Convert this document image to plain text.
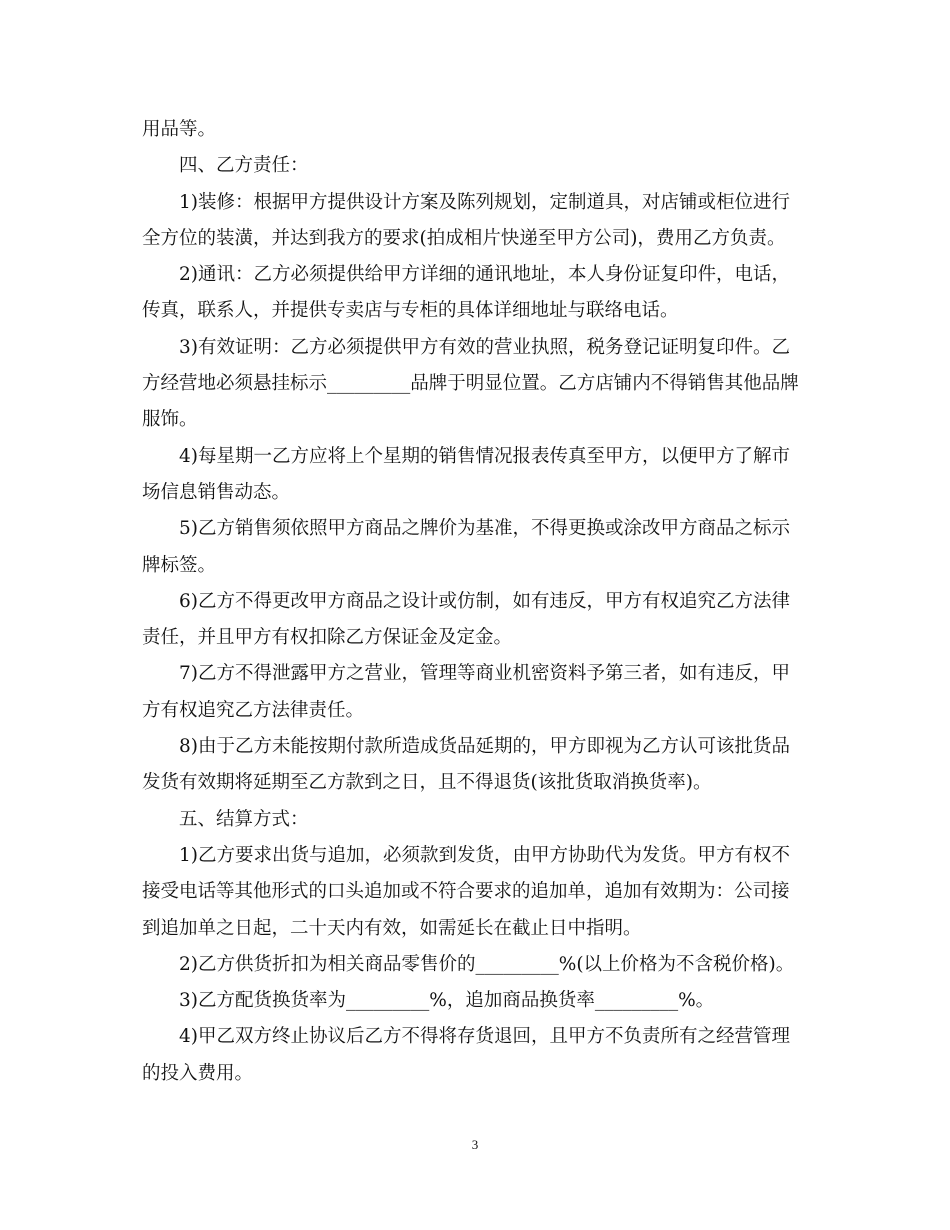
用品等。

四、乙方责任：

1)装修：根据甲方提供设计方案及陈列规划，定制道具，对店铺或柜位进行

全方位的装潢，并达到我方的要求(拍成相片快递至甲方公司)，费用乙方负责。

2)通讯：乙方必须提供给甲方详细的通讯地址，本人身份证复印件，电话，

传真，联系人，并提供专卖店与专柜的具体详细地址与联络电话。

3)有效证明：乙方必须提供甲方有效的营业执照，税务登记证明复印件。乙

方经营地必须悬挂标示_________品牌于明显位置。乙方店铺内不得销售其他品牌

服饰。

4)每星期一乙方应将上个星期的销售情况报表传真至甲方，以便甲方了解市

场信息销售动态。

5)乙方销售须依照甲方商品之牌价为基准，不得更换或涂改甲方商品之标示

牌标签。

6)乙方不得更改甲方商品之设计或仿制，如有违反，甲方有权追究乙方法律

责任，并且甲方有权扣除乙方保证金及定金。

7)乙方不得泄露甲方之营业，管理等商业机密资料予第三者，如有违反，甲

方有权追究乙方法律责任。

8)由于乙方未能按期付款所造成货品延期的，甲方即视为乙方认可该批货品

发货有效期将延期至乙方款到之日，且不得退货(该批货取消换货率)。

五、结算方式：

1)乙方要求出货与追加，必须款到发货，由甲方协助代为发货。甲方有权不

接受电话等其他形式的口头追加或不符合要求的追加单，追加有效期为：公司接

到追加单之日起，二十天内有效，如需延长在截止日中指明。

2)乙方供货折扣为相关商品零售价的_________%(以上价格为不含税价格)。

3)乙方配货换货率为_________%，追加商品换货率_________%。

4)甲乙双方终止协议后乙方不得将存货退回，且甲方不负责所有之经营管理

的投入费用。

3
